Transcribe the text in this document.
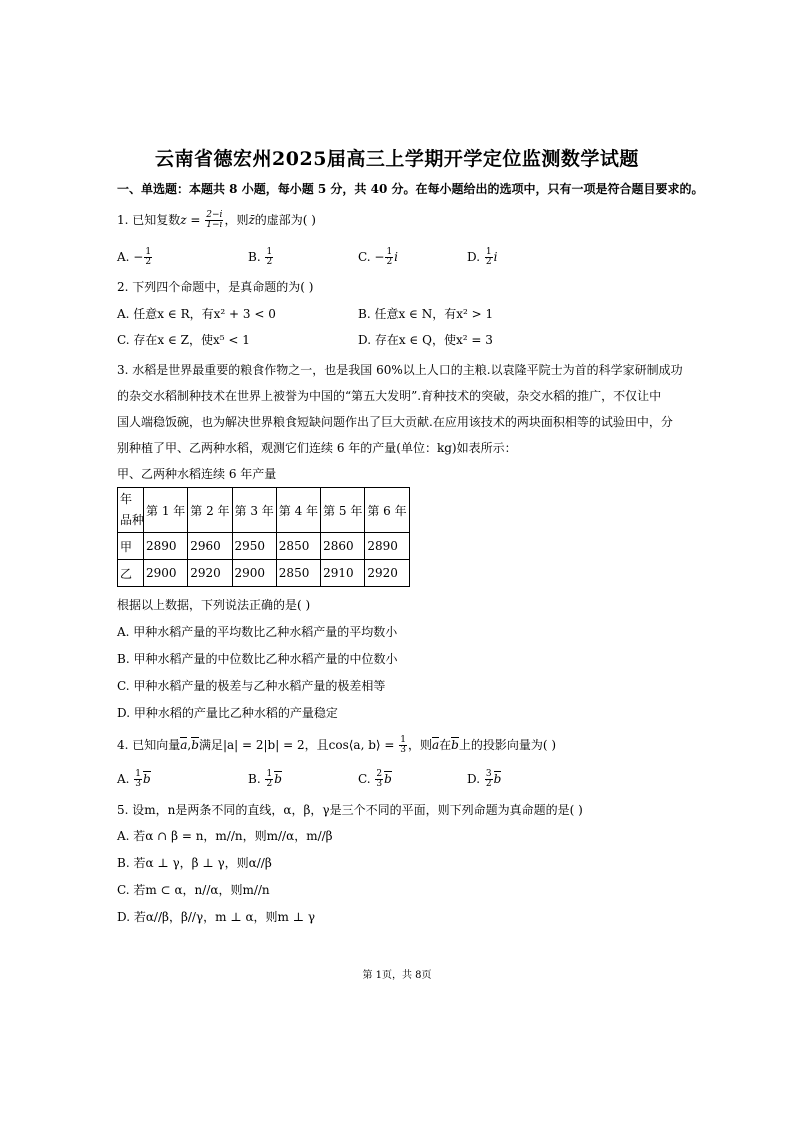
云南省德宏州2025届高三上学期开学定位监测数学试题
一、单选题：本题共 8 小题，每小题 5 分，共 40 分。在每小题给出的选项中，只有一项是符合题目要求的。
1. 已知复数$z = \frac{2-i}{1-i}$ ，则z̄的虚部为( )
A. − $\frac{1}{2}$	B. $\frac{1}{2}$	C. − $\frac{1}{2}$ i	D. $\frac{1}{2}$ i
2. 下列四个命题中，是真命题的为( )
A. 任意x ∈ R，有x² + 3 < 0	B. 任意x ∈ N，有x² > 1
C. 存在x ∈ Z，使x⁵ < 1	D. 存在x ∈ Q，使x² = 3
3. 水稻是世界最重要的粮食作物之一，也是我国 60%以上人口的主粮.以袁隆平院士为首的科学家研制成功
的杂交水稻制种技术在世界上被誉为中国的“第五大发明”.育种技术的突破，杂交水稻的推广，不仅让中
国人端稳饭碗，也为解决世界粮食短缺问题作出了巨大贡献.在应用该技术的两块面积相等的试验田中，分
别种植了甲、乙两种水稻，观测它们连续 6 年的产量(单位：kg)如表所示：
甲、乙两种水稻连续 6 年产量
年
品种	第 1 年	第 2 年	第 3 年	第 4 年	第 5 年	第 6 年
甲	2890	2960	2950	2850	2860	2890
乙	2900	2920	2900	2850	2910	2920
根据以上数据，下列说法正确的是( )
A. 甲种水稻产量的平均数比乙种水稻产量的平均数小
B. 甲种水稻产量的中位数比乙种水稻产量的中位数小
C. 甲种水稻产量的极差与乙种水稻产量的极差相等
D. 甲种水稻的产量比乙种水稻的产量稳定
4. 已知向量a,b满足|a| = 2|b| = 2，且cos⟨a, b⟩ = $\frac{1}{3}$ ，则a在b上的投影向量为( )
A. $\frac{1}{3}$ b	B. $\frac{1}{2}$ b	C. $\frac{2}{3}$ b	D. $\frac{3}{2}$ b
5. 设m，n是两条不同的直线，α，β，γ是三个不同的平面，则下列命题为真命题的是( )
A. 若α ∩ β = n，m//n，则m//α，m//β
B. 若α ⊥ γ，β ⊥ γ，则α//β
C. 若m ⊂ α，n//α，则m//n
D. 若α//β，β//γ，m ⊥ α，则m ⊥ γ
第 1页，共 8页
